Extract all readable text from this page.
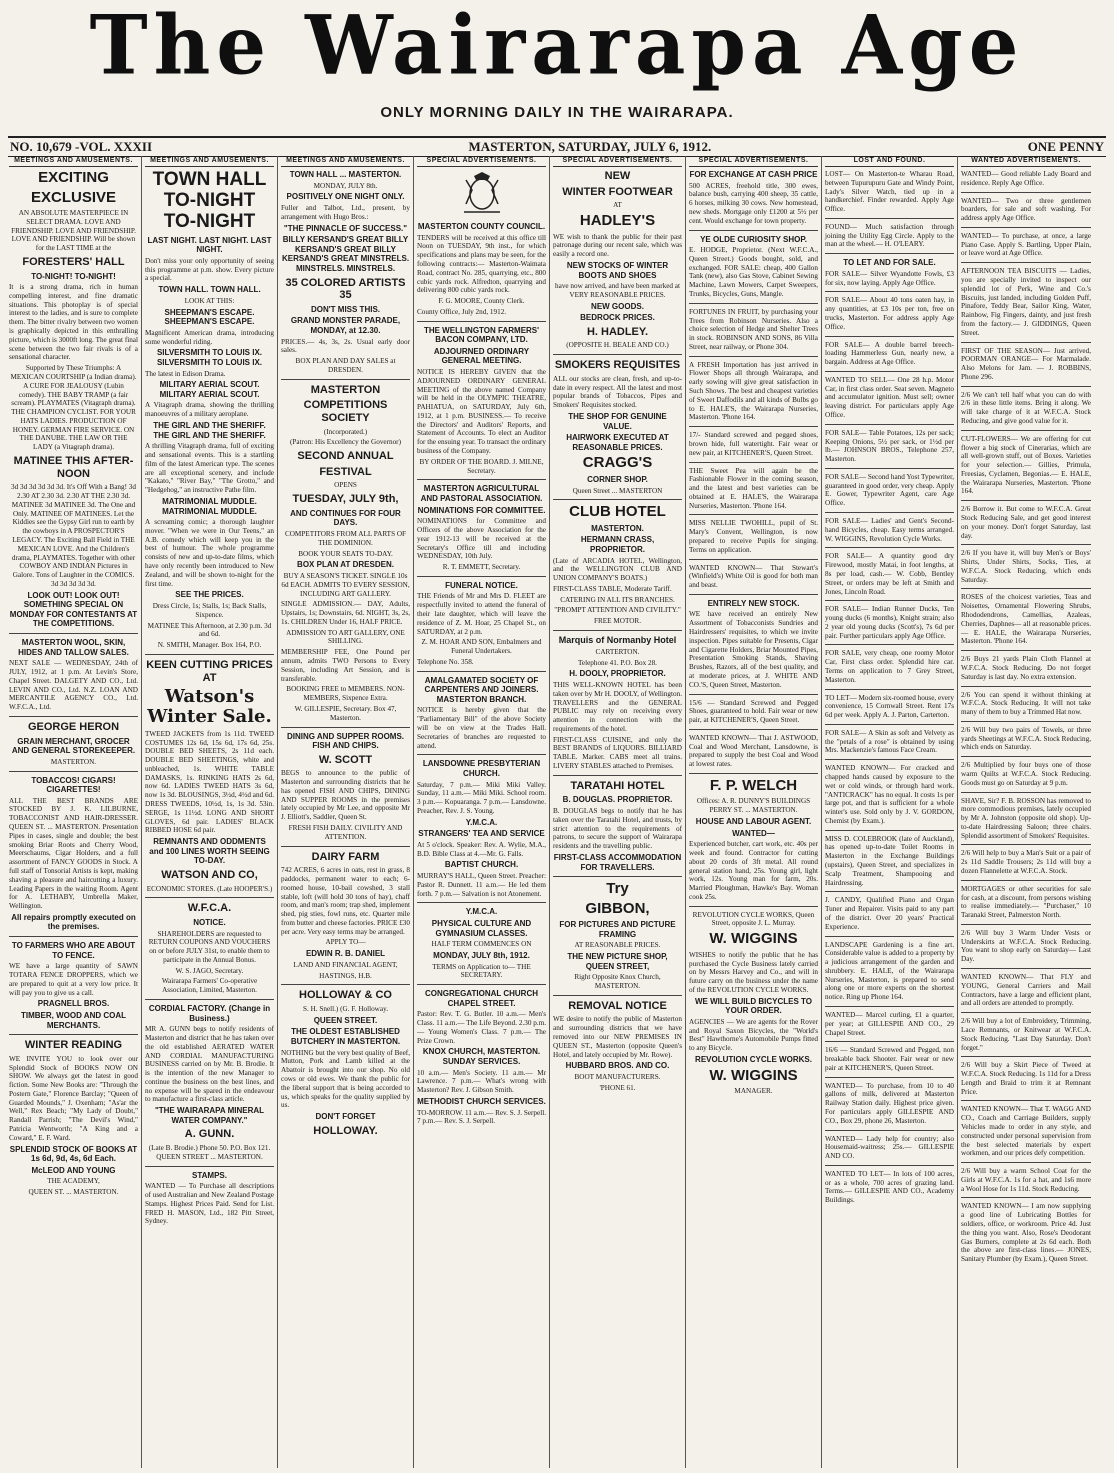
The Wairarapa Age
ONLY MORNING DAILY IN THE WAIRARAPA.
NO. 10,679 -VOL. XXXII	MASTERTON, SATURDAY, JULY 6, 1912.	ONE PENNY
MEETINGS AND AMUSEMENTS.
EXCITING
EXCLUSIVE
AN ABSOLUTE MASTERPIECE IN SELECT DRAMA. LOVE AND FRIENDSHIP. LOVE AND FRIENDSHIP. LOVE AND FRIENDSHIP. Will be shown for the LAST TIME at the
FORESTERS' HALL
TO-NIGHT! TO-NIGHT!
It is a strong drama, rich in human compelling interest, and fine dramatic situations. This photoplay is of special interest to the ladies, and is sure to complete them. The bitter rivalry between two women is graphically depicted in this enthralling picture, which is 3000ft long. The great final scene between the two fair rivals is of a sensational character.
Supported by These Triumphs: A MEXICAN COURTSHIP (a Indian drama). A CURE FOR JEALOUSY (Lubin comedy). THE BABY TRAMP (a fair scream). PLAYMATES (Vitagraph drama). THE CHAMPION CYCLIST. FOR YOUR HATS LADIES. PRODUCTION OF HONEY. GERMAN FIRE SERVICE. ON THE DANUBE. THE LAW OR THE LADY (a Vitagraph drama).
MATINEE THIS AFTER-NOON
3d 3d 3d 3d 3d 3d. It's Off With a Bang! 3d 2.30 AT 2.30 3d. 2.30 AT THE 2.30 3d. MATINEE 3d MATINEE 3d. The One and Only. MATINEE OF MATINEES. Let the Kiddies see the Gypsy Girl run to earth by the cowboys in A PROSPECTOR'S LEGACY. The Exciting Ball Field in THE MEXICAN LOVE. And the Children's drama, PLAYMATES. Together with other COWBOY AND INDIAN Pictures in Galore. Tons of Laughter in the COMICS. 3d 3d 3d 3d 3d.
LOOK OUT! LOOK OUT! SOMETHING SPECIAL ON MONDAY FOR CONTESTANTS AT THE COMPETITIONS.
MASTERTON WOOL, SKIN, HIDES AND TALLOW SALES.
NEXT SALE — WEDNESDAY, 24th of JULY, 1912, at 1 p.m. At Levin's Store, Chapel Street. DALGETY AND CO., Ltd. LEVIN AND CO., Ltd. N.Z. LOAN AND MERCANTILE AGENCY CO., Ltd. W.F.C.A., Ltd.
GEORGE HERON
GRAIN MERCHANT, GROCER AND GENERAL STOREKEEPER.
MASTERTON.
TOBACCOS! CIGARS! CIGARETTES!
ALL THE BEST BRANDS ARE STOCKED BY J. K. LILBURNE, TOBACCONIST AND HAIR-DRESSER. QUEEN ST. ... MASTERTON. Presentation Pipes in cases, single and double; the best smoking Briar Roots and Cherry Wood, Meerschaums, Cigar Holders, and a full assortment of FANCY GOODS in Stock. A full staff of Tonsorial Artists is kept, making shaving a pleasure and haircutting a luxury. Leading Papers in the waiting Room. Agent for A. LETHABY, Umbrella Maker, Wellington.
All repairs promptly executed on the premises.
TO FARMERS WHO ARE ABOUT TO FENCE.
WE have a large quantity of SAWN TOTARA FENCE DROPPERS, which we are prepared to quit at a very low price. It will pay you to give us a call.
PRAGNELL BROS.
TIMBER, WOOD AND COAL MERCHANTS.
WINTER READING
WE INVITE YOU to look over our Splendid Stock of BOOKS NOW ON SHOW. We always get the latest in good fiction. Some New Books are: "Through the Postern Gate," Florence Barclay; "Queen of Guarded Mounds," J. Oxenham; "As'ar the Well," Rex Beach; "My Lady of Doubt," Randall Parrish; "The Devil's Wind," Patricia Wentworth; "A King and a Coward," E. F. Ward.
SPLENDID STOCK OF BOOKS AT 1s 6d, 9d, 4s, 6d Each.
McLEOD AND YOUNG
THE ACADEMY,
QUEEN ST. ... MASTERTON.
MEETINGS AND AMUSEMENTS.
TOWN HALL TO-NIGHT TO-NIGHT
LAST NIGHT. LAST NIGHT. LAST NIGHT.
Don't miss your only opportunity of seeing this programme at p.m. show. Every picture a special.
TOWN HALL. TOWN HALL.
LOOK AT THIS:
SHEEPMAN'S ESCAPE. SHEEPMAN'S ESCAPE.
Magnificent American drama, introducing some wonderful riding.
SILVERSMITH TO LOUIS IX. SILVERSMITH TO LOUIS IX.
The latest in Edison Drama.
MILITARY AERIAL SCOUT. MILITARY AERIAL SCOUT.
A Vitagraph drama, showing the thrilling manoeuvres of a military aeroplane.
THE GIRL AND THE SHERIFF. THE GIRL AND THE SHERIFF.
A thrilling Vitagraph drama, full of exciting and sensational events. This is a startling film of the latest American type. The scenes are all exceptional scenery, and include "Kakato," "River Bay," "The Grotto," and "Hedgehog," an instructive Pathe film.
MATRIMONIAL MUDDLE. MATRIMONIAL MUDDLE.
A screaming comic; a thorough laughter mover. "When we were in Our Teens," an A.B. comedy which will keep you in the best of humour. The whole programme consists of new and up-to-date films, which have only recently been introduced to New Zealand, and will be shown to-night for the first time.
SEE THE PRICES.
Dress Circle, 1s; Stalls, 1s; Back Stalls, Sixpence.
MATINEE This Afternoon, at 2.30 p.m. 3d and 6d.
N. SMITH, Manager. Box 164, P.O.
KEEN CUTTING PRICES AT
Watson's Winter Sale.
TWEED JACKETS from 1s 11d. TWEED COSTUMES 12s 6d, 15s 6d, 17s 6d, 25s. DOUBLE BED SHEETS, 2s 11d each. DOUBLE BED SHEETINGS, white and unbleached, 1s. WHITE TABLE DAMASKS, 1s. RINKING HATS 2s 6d, now 6d. LADIES TWEED HATS 3s 6d, now 1s 3d. BLOUSINGS, 3½d, 4½d and 6d. DRESS TWEEDS, 10½d, 1s, 1s 3d. 53in. SERGE, 1s 11½d. LONG AND SHORT GLOVES, 6d pair. LADIES' BLACK RIBBED HOSE 6d pair.
REMNANTS AND ODDMENTS and 100 LINES WORTH SEEING TO-DAY.
WATSON AND CO,
ECONOMIC STORES. (Late HOOPER'S.)
W.F.C.A.
NOTICE.
SHAREHOLDERS are requested to RETURN COUPONS AND VOUCHERS on or before JULY 31st, to enable them to participate in the Annual Bonus.
W. S. JAGO, Secretary.
Wairarapa Farmers' Co-operative Association, Limited, Masterton.
CORDIAL FACTORY. (Change in Business.)
MR A. GUNN begs to notify residents of Masterton and district that he has taken over the old established AERATED WATER AND CORDIAL MANUFACTURING BUSINESS carried on by Mr. B. Brodie. It is the intention of the new Manager to continue the business on the best lines, and no expense will be spared in the endeavour to manufacture a first-class article.
"THE WAIRARAPA MINERAL WATER COMPANY."
A. GUNN.
(Late B. Brodie.) Phone 50. P.O. Box 121. QUEEN STREET ... MASTERTON.
STAMPS.
WANTED — To Purchase all descriptions of used Australian and New Zealand Postage Stamps. Highest Prices Paid. Send for List. FRED H. MASON, Ltd., 182 Pitt Street, Sydney.
MEETINGS AND AMUSEMENTS.
TOWN HALL ... MASTERTON.
MONDAY, JULY 8th.
POSITIVELY ONE NIGHT ONLY.
Fuller and Talbot, Ltd., present, by arrangement with Hugo Bros.:
"THE PINNACLE OF SUCCESS."
BILLY KERSAND'S GREAT BILLY KERSAND'S GREAT BILLY KERSAND'S GREAT MINSTRELS. MINSTRELS. MINSTRELS.
35 COLORED ARTISTS 35
DON'T MISS THIS.
GRAND MONSTER PARADE, MONDAY, at 12.30.
PRICES.— 4s, 3s, 2s. Usual early door sales.
BOX PLAN AND DAY SALES at DRESDEN.
MASTERTON
COMPETITIONS SOCIETY
(Incorporated.)
(Patron: His Excellency the Governor)
SECOND ANNUAL
FESTIVAL
OPENS
TUESDAY, JULY 9th,
AND CONTINUES FOR FOUR DAYS.
COMPETITORS FROM ALL PARTS OF THE DOMINION.
BOOK YOUR SEATS TO-DAY.
BOX PLAN AT DRESDEN.
BUY A SEASON'S TICKET. SINGLE 10s 6d EACH. ADMITS TO EVERY SESSION, INCLUDING ART GALLERY.
SINGLE ADMISSION.— DAY, Adults, Upstairs, 1s; Downstairs, 6d. NIGHT, 3s, 2s, 1s. CHILDREN Under 16, HALF PRICE.
ADMISSION TO ART GALLERY, ONE SHILLING.
MEMBERSHIP FEE, One Pound per annum, admits TWO Persons to Every Session, including Art Session, and is transferable.
BOOKING FREE to MEMBERS. NON-MEMBERS, Sixpence Extra.
W. GILLESPIE, Secretary. Box 47, Masterton.
DINING AND SUPPER ROOMS. FISH AND CHIPS.
W. SCOTT
BEGS to announce to the public of Masterton and surrounding districts that he has opened FISH AND CHIPS, DINING AND SUPPER ROOMS in the premises lately occupied by Mr Lee, and opposite Mr J. Elliott's, Saddler, Queen St.
FRESH FISH DAILY. CIVILITY AND ATTENTION.
DAIRY FARM
742 ACRES, 6 acres in oats, rest in grass, 8 paddocks, permanent water to each; 6-roomed house, 10-bail cowshed, 3 stall stable, loft (will hold 30 tons of hay), chaff room, and man's room; trap shed, implement shed, pig sties, fowl runs, etc. Quarter mile from butter and cheese factories. PRICE £30 per acre. Very easy terms may be arranged.
APPLY TO—
EDWIN R. B. DANIEL
LAND AND FINANCIAL AGENT,
HASTINGS, H.B.
HOLLOWAY & CO
S. H. Snell.) (G. F. Holloway.
QUEEN STREET.
THE OLDEST ESTABLISHED BUTCHERY IN MASTERTON.
NOTHING but the very best quality of Beef, Mutton, Pork and Lamb killed at the Abattoir is brought into our shop. No old cows or old ewes. We thank the public for the liberal support that is being accorded to us, which speaks for the quality supplied by us.
DON'T FORGET
HOLLOWAY.
SPECIAL ADVERTISEMENTS.
MASTERTON COUNTY COUNCIL.
TENDERS will be received at this office till Noon on TUESDAY, 9th inst., for which specifications and plans may be seen, for the following contracts:— Masterton-Waimata Road, contract No. 285, quarrying, etc., 800 cubic yards rock. Alfredton, quarrying and delivering 800 cubic yards rock.
F. G. MOORE, County Clerk.
County Office, July 2nd, 1912.
THE WELLINGTON FARMERS' BACON COMPANY, LTD.
ADJOURNED ORDINARY GENERAL MEETING.
NOTICE IS HEREBY GIVEN that the ADJOURNED ORDINARY GENERAL MEETING of the above named Company will be held in the OLYMPIC THEATRE, PAHIATUA, on SATURDAY, July 6th, 1912, at 1 p.m. BUSINESS.— To receive the Directors' and Auditors' Reports, and Statement of Accounts. To elect an Auditor for the ensuing year. To transact the ordinary business of the Company.
BY ORDER OF THE BOARD. J. MILNE, Secretary.
MASTERTON AGRICULTURAL AND PASTORAL ASSOCIATION.
NOMINATIONS FOR COMMITTEE.
NOMINATIONS for Committee and Officers of the above Association for the year 1912-13 will be received at the Secretary's Office till and including WEDNESDAY, 10th July.
R. T. EMMETT, Secretary.
FUNERAL NOTICE.
THE Friends of Mr and Mrs D. FLEET are respectfully invited to attend the funeral of their late daughter, which will leave the residence of Z. M. Hoar, 25 Chapel St., on SATURDAY, at 2 p.m.
Z. M. HOAR AND SON, Embalmers and Funeral Undertakers.
Telephone No. 358.
AMALGAMATED SOCIETY OF CARPENTERS AND JOINERS. MASTERTON BRANCH.
NOTICE is hereby given that the "Parliamentary Bill" of the above Society will be on view at the Trades Hall. Secretaries of branches are requested to attend.
LANSDOWNE PRESBYTERIAN CHURCH.
Saturday, 7 p.m.— Miki Miki Valley. Sunday, 11 a.m.— Miki Miki. School room. 3 p.m.— Kopuaranga. 7 p.m.— Lansdowne. Preacher, Rev. J. S. Young.
Y.M.C.A.
STRANGERS' TEA AND SERVICE
At 5 o'clock. Speaker: Rev. A. Wylie, M.A., B.D. Bible Class at 4.—Mr. G. Falls.
BAPTIST CHURCH.
MURRAY'S HALL, Queen Street. Preacher: Pastor R. Dunnett. 11 a.m.— He led them forth. 7 p.m.— Salvation is not Atonement.
Y.M.C.A.
PHYSICAL CULTURE AND GYMNASIUM CLASSES.
HALF TERM COMMENCES ON
MONDAY, JULY 8th, 1912.
TERMS on Application to— THE SECRETARY.
CONGREGATIONAL CHURCH CHAPEL STREET.
Pastor: Rev. T. G. Butler. 10 a.m.— Men's Class. 11 a.m.— The Life Beyond. 2.30 p.m.— Young Women's Class. 7 p.m.— The Prize Crown.
KNOX CHURCH, MASTERTON. SUNDAY SERVICES.
10 a.m.— Men's Society. 11 a.m.— Mr Lawrence. 7 p.m.— What's wrong with Masterton? Rev. J. Gibson Smith.
METHODIST CHURCH SERVICES.
TO-MORROW. 11 a.m.— Rev. S. J. Serpell. 7 p.m.— Rev. S. J. Serpell.
SPECIAL ADVERTISEMENTS.
NEW
WINTER FOOTWEAR
AT
HADLEY'S
WE wish to thank the public for their past patronage during our recent sale, which was easily a record one.
NEW STOCKS OF WINTER BOOTS AND SHOES
have now arrived, and have been marked at VERY REASONABLE PRICES.
NEW GOODS.
BEDROCK PRICES.
H. HADLEY.
(OPPOSITE H. BEALE AND CO.)
SMOKERS REQUISITES
ALL our stocks are clean, fresh, and up-to-date in every respect. All the latest and most popular brands of Tobaccos, Pipes and Smokers' Requisites stocked.
THE SHOP FOR GENUINE VALUE.
HAIRWORK EXECUTED AT REASONABLE PRICES.
CRAGG'S
CORNER SHOP.
Queen Street ... MASTERTON
CLUB HOTEL
MASTERTON.
HERMANN CRASS, PROPRIETOR.
(Late of ARCADIA HOTEL, Wellington, and the WELLINGTON CLUB AND UNION COMPANY'S BOATS.)
FIRST-CLASS TABLE, Moderate Tariff.
CATERING IN ALL ITS BRANCHES.
"PROMPT ATTENTION AND CIVILITY."
FREE MOTOR.
Marquis of Normanby Hotel
CARTERTON.
Telephone 41. P.O. Box 28.
H. DOOLY, PROPRIETOR.
THIS WELL-KNOWN HOTEL has been taken over by Mr H. DOOLY, of Wellington. TRAVELLERS and the GENERAL PUBLIC may rely on receiving every attention in connection with the requirements of the hotel.
FIRST-CLASS CUISINE, and only the BEST BRANDS of LIQUORS. BILLIARD TABLE. Marker. CABS meet all trains. LIVERY STABLES attached to Premises.
TARATAHI HOTEL
B. DOUGLAS. PROPRIETOR.
B. DOUGLAS begs to notify that he has taken over the Taratahi Hotel, and trusts, by strict attention to the requirements of patrons, to secure the support of Wairarapa residents and the travelling public.
FIRST-CLASS ACCOMMODATION FOR TRAVELLERS.
Try
GIBBON,
FOR PICTURES AND PICTURE FRAMING
AT REASONABLE PRICES.
THE NEW PICTURE SHOP, QUEEN STREET,
Right Opposite Knox Church, MASTERTON.
REMOVAL NOTICE
WE desire to notify the public of Masterton and surrounding districts that we have removed into our NEW PREMISES IN QUEEN ST., Masterton (opposite Queen's Hotel, and lately occupied by Mr. Rowe).
HUBBARD BROS. AND CO.
BOOT MANUFACTURERS.
'PHONE 61.
SPECIAL ADVERTISEMENTS.
FOR EXCHANGE AT CASH PRICE
500 ACRES, freehold title, 300 ewes, balance bush, carrying 400 sheep, 35 cattle, 6 horses, milking 30 cows. New homestead, new sheds. Mortgage only £1200 at 5½ per cent. Would exchange for town property.
YE OLDE CURIOSITY SHOP.
E. HODGE, Proprietor. (Next W.F.C.A., Queen Street.) Goods bought, sold, and exchanged. FOR SALE: cheap, 400 Gallon Tank (new), also Gas Stove, Cabinet Sewing Machine, Lawn Mowers, Carpet Sweepers, Trunks, Bicycles, Guns, Mangle.
FORTUNES IN FRUIT, by purchasing your Trees from Robinson Nurseries. Also a choice selection of Hedge and Shelter Trees in stock. ROBINSON AND SONS, 86 Villa Street, near railway, or Phone 304.
A FRESH Importation has just arrived in Flower Shops all through Wairarapa, and early sowing will give great satisfaction in Such Shows. The best and cheapest varieties of Sweet Daffodils and all kinds of Bulbs go to E. HALE'S, the Wairarapa Nurseries, Masterton. 'Phone 164.
17/- Standard screwed and pegged shoes, brown hide, full watertight. Fair wear or new pair, at KITCHENER'S, Queen Street.
THE Sweet Pea will again be the Fashionable Flower in the coming season, and the latest and best varieties can be obtained at E. HALE'S, the Wairarapa Nurseries, Masterton. 'Phone 164.
MISS NELLIE TWOHILL, pupil of St. Mary's Convent, Wellington, is now prepared to receive Pupils for singing. Terms on application.
WANTED KNOWN— That Stewart's (Winfield's) White Oil is good for both man and beast.
ENTIRELY NEW STOCK.
WE have received an entirely New Assortment of Tobacconists Sundries and Hairdressers' requisites, to which we invite inspection. Pipes suitable for Presents, Cigar and Cigarette Holders, Briar Mounted Pipes, Presentation Smoking Stands, Shaving Brushes, Razors, all of the best quality, and at moderate prices, at J. WHITE AND CO.'S, Queen Street, Masterton.
15/6 — Standard Screwed and Pegged Shoes, guaranteed to hold. Fair wear or new pair, at KITCHENER'S, Queen Street.
WANTED KNOWN— That J. ASTWOOD, Coal and Wood Merchant, Lansdowne, is prepared to supply the best Coal and Wood at lowest rates.
F. P. WELCH
Offices: A. R. DUNNY'S BUILDINGS PERRY ST. ... MASTERTON.
HOUSE AND LABOUR AGENT.
WANTED—
Experienced butcher, cart work, etc. 40s per week and found. Contractor for cutting about 20 cords of 3ft metal. All round general station hand, 25s. Young girl, light work, 12s. Young man for farm, 20s. Married Ploughman, Hawke's Bay. Woman cook 25s.
REVOLUTION CYCLE WORKS, Queen Street, opposite J. L. Murray.
W. WIGGINS
WISHES to notify the public that he has purchased the Cycle Business lately carried on by Messrs Harvey and Co., and will in future carry on the business under the name of the REVOLUTION CYCLE WORKS.
WE WILL BUILD BICYCLES TO YOUR ORDER.
AGENCIES — We are agents for the Rover and Royal Saxon Bicycles, the "World's Best" Hawthorne's Automobile Pumps fitted to any Bicycle.
REVOLUTION CYCLE WORKS.
W. WIGGINS
MANAGER.
LOST AND FOUND.
LOST— On Masterton-te Wharau Road, between Tupurupuru Gate and Windy Point, Lady's Silver Watch, tied up in a handkerchief. Finder rewarded. Apply Age Office.
FOUND— Much satisfaction through joining the Utility Egg Circle. Apply to the man at the wheel.— H. O'LEARY.
TO LET AND FOR SALE.
FOR SALE— Silver Wyandotte Fowls, £3 for six, now laying. Apply Age Office.
FOR SALE— About 40 tons oaten hay, in any quantities, at £3 10s per ton, free on trucks, Masterton. For address apply Age Office.
FOR SALE— A double barrel breech-loading Hammerless Gun, nearly new, a bargain. Address at Age Office.
WANTED TO SELL— One 28 h.p. Motor Car, in first class order. Seat seven. Magneto and accumulator ignition. Must sell; owner leaving district. For particulars apply Age Office.
FOR SALE— Table Potatoes, 12s per sack; Keeping Onions, 5½ per sack, or 1½d per lb.— JOHNSON BROS., Telephone 257, Masterton.
FOR SALE— Second hand Yost Typewriter, guaranteed in good order, very cheap. Apply E. Gower, Typewriter Agent, care Age Office.
FOR SALE— Ladies' and Gent's Second-hand Bicycles, cheap. Easy terms arranged. W. WIGGINS, Revolution Cycle Works.
FOR SALE— A quantity good dry Firewood, mostly Matai, in foot lengths, at 8s per load, cash.— W. Cobb, Bentley Street, or orders may be left at Smith and Jones, Lincoln Road.
FOR SALE— Indian Runner Ducks, Ten young ducks (6 months), Knight strain; also 2 year old young ducks (Scott's), 7s 6d per pair. Further particulars apply Age Office.
FOR SALE, very cheap, one roomy Motor Car, First class order. Splendid hire car. Terms on application to 7 Grey Street, Masterton.
TO LET— Modern six-roomed house, every convenience, 15 Cornwall Street. Rent 17s 6d per week. Apply A. J. Parton, Carterton.
FOR SALE— A Skin as soft and Velvety as the "petals of a rose" is obtained by using Mrs. Mackenzie's famous Face Cream.
WANTED KNOWN— For cracked and chapped hands caused by exposure to the wet or cold winds, or through hard work. "ANTICRACK" has no equal. It costs 1s per large pot, and that is sufficient for a whole winter's use. Sold only by J. V. GORDON, Chemist (by Exam.).
MISS D. COLEBROOK (late of Auckland), has opened up-to-date Toilet Rooms in Masterton in the Exchange Buildings (upstairs), Queen Street, and specializes in Scalp Treatment, Shampooing and Hairdressing.
J. CANDY, Qualified Piano and Organ Tuner and Repairer. Visits paid to any part of the district. Over 20 years' Practical Experience.
LANDSCAPE Gardening is a fine art. Considerable value is added to a property by a judicious arrangement of the garden and shrubbery. E. HALE, of the Wairarapa Nurseries, Masterton, is prepared to send along one or more experts on the shortest notice. Ring up Phone 164.
WANTED— Marcel curling, £1 a quarter, per year; at GILLESPIE AND CO., 29 Chapel Street.
16/6 — Standard Screwed and Pegged, non breakable back Shooter. Fair wear or new pair at KITCHENER'S, Queen Street.
WANTED— To purchase, from 10 to 40 gallons of milk, delivered at Masterton Railway Station daily. Highest price given. For particulars apply GILLESPIE AND CO., Box 29, phone 26, Masterton.
WANTED— Lady help for country; also Housemaid-waitress; 25s.— GILLESPIE AND CO.
WANTED TO LET— In lots of 100 acres, or as a whole, 700 acres of grazing land. Terms.— GILLESPIE AND CO., Academy Buildings.
WANTED ADVERTISEMENTS.
WANTED— Good reliable Lady Board and residence. Reply Age Office.
WANTED— Two or three gentlemen boarders, for sale and soft washing. For address apply Age Office.
WANTED— To purchase, at once, a large Piano Case. Apply S. Bartling, Upper Plain, or leave word at Age Office.
AFTERNOON TEA BISCUITS — Ladies, you are specially invited to inspect our splendid lot of Perk, Wine and Co.'s Biscuits, just landed, including Golden Puff, Pinafore, Teddy Bear, Sailor King, Water, Rainbow, Fig Fingers, dainty, and just fresh from the factory.— J. GIDDINGS, Queen Street.
FIRST OF THE SEASON— Just arrived, POORMAN ORANGE— For Marmalade. Also Melons for Jam. — J. ROBBINS, Phone 296.
2/6 We can't tell half what you can do with 2/6 in these little items. Bring it along. We will take charge of it at W.F.C.A. Stock Reducing, and give good value for it.
CUT-FLOWERS— We are offering for cut flower a big stock of Cinerarias, which are all well-grown stuff, out of Boxes. Varieties for your selection.— Gillies, Primula, Freesias, Cyclamen, Begonias.— E. HALE, the Wairarapa Nurseries, Masterton. 'Phone 164.
2/6 Borrow it. But come to W.F.C.A. Great Stock Reducing Sale, and get good interest on your money. Don't forget Saturday, last day.
2/6 If you have it, will buy Men's or Boys' Shirts, Under Shirts, Socks, Ties, at W.F.C.A. Stock Reducing, which ends Saturday.
ROSES of the choicest varieties, Teas and Noisettes, Ornamental Flowering Shrubs, Rhododendrons, Camellias, Azaleas, Cherries, Daphnes— all at reasonable prices.— E. HALE, the Wairarapa Nurseries, Masterton. 'Phone 164.
2/6 Buys 21 yards Plain Cloth Flannel at W.F.C.A. Stock Reducing. Do not forget Saturday is last day. No extra extension.
2/6 You can spend it without thinking at W.F.C.A. Stock Reducing. It will not take many of them to buy a Trimmed Hat now.
2/6 Will buy two pairs of Towels, or three yards Sheetings at W.F.C.A. Stock Reducing, which ends on Saturday.
2/6 Multiplied by four buys one of those warm Quilts at W.F.C.A. Stock Reducing. Goods must go on Saturday at 9 p.m.
SHAVE, Sir? F. B. ROSSON has removed to more commodious premises, lately occupied by Mr A. Johnston (opposite old shop). Up-to-date Hairdressing Saloon; three chairs. Splendid assortment of Smokers' Requisites.
2/6 Will help to buy a Man's Suit or a pair of 2s 11d Saddle Trousers; 2s 11d will buy a dozen Flannelette at W.F.C.A. Stock.
MORTGAGES or other securities for sale for cash, at a discount, from persons wishing to realise immediately.— "Purchaser," 10 Taranaki Street, Palmerston North.
2/6 Will buy 3 Warm Under Vests or Underskirts at W.F.C.A. Stock Reducing. You want to shop early on Saturday— Last Day.
WANTED KNOWN— That FLY and YOUNG, General Carriers and Mail Contractors, have a large and efficient plant, and all orders are attended to promptly.
2/6 Will buy a lot of Embroidery, Trimming, Lace Remnants, or Knitwear at W.F.C.A. Stock Reducing. "Last Day Saturday. Don't forget."
2/6 Will buy a Skirt Piece of Tweed at W.F.C.A. Stock Reducing. 1s 11d for a Dress Length and Braid to trim it at Remnant Price.
WANTED KNOWN— That T. WAGG AND CO., Coach and Carriage Builders, supply Vehicles made to order in any style, and constructed under personal supervision from the best selected materials by expert workmen, and our prices defy competition.
2/6 Will buy a warm School Coat for the Girls at W.F.C.A. 1s for a hat, and 1s6 more a Wool Hose for 1s 11d. Stock Reducing.
WANTED KNOWN— I am now supplying a good line of Lubricating Bottles for soldiers, office, or workroom. Price 4d. Just the thing you want. Also, Rose's Deodorant Gas Burners, complete at 2s 6d each. Both the above are first-class lines.— JONES, Sanitary Plumber (by Exam.), Queen Street.
